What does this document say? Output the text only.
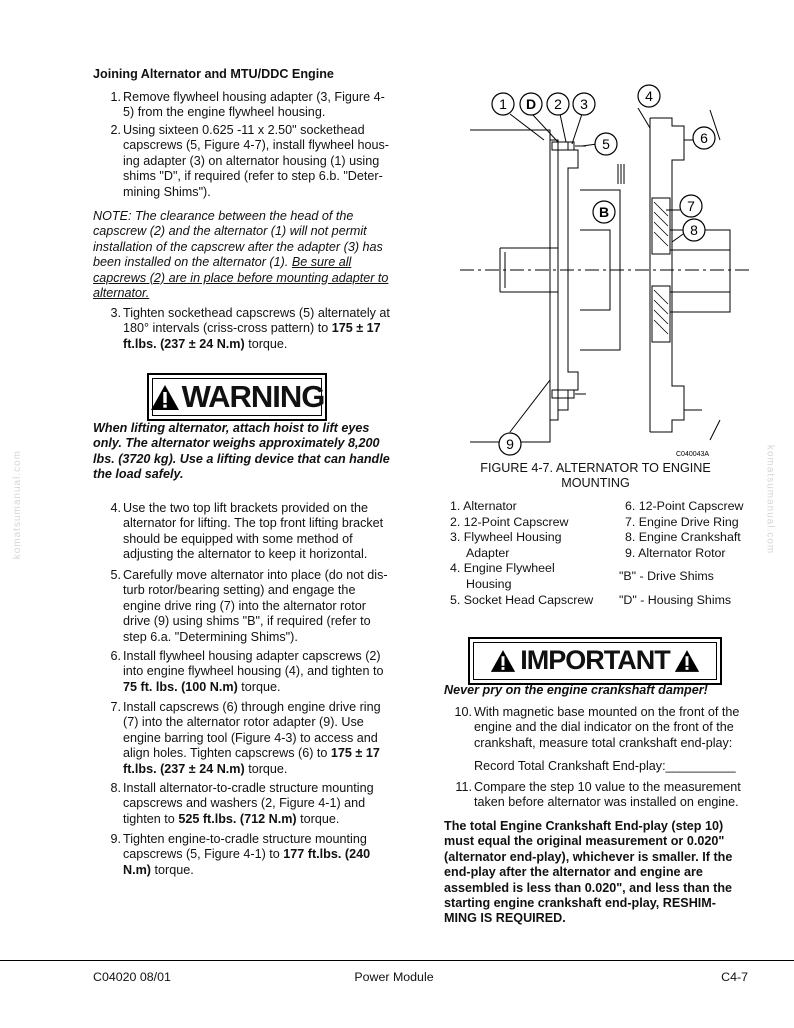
Joining Alternator and MTU/DDC Engine
1. Remove flywheel housing adapter (3, Figure 4-
5) from the engine flywheel housing.
2. Using sixteen 0.625 -11 x 2.50" sockethead
capscrews (5, Figure 4-7), install flywheel hous-
ing adapter (3) on alternator housing (1) using
shims "D", if required (refer to step 6.b. "Deter-
mining Shims").
NOTE: The clearance between the head of the
capscrew (2) and the alternator (1) will not permit
installation of the capscrew after the adapter (3) has
been installed on the alternator (1). Be sure all
capcrews (2) are in place before mounting adapter to
alternator.
3. Tighten sockethead capscrews (5) alternately at
180° intervals (criss-cross pattern) to 175 ± 17
ft.lbs. (237 ± 24 N.m) torque.
WARNING
When lifting alternator, attach hoist to lift eyes
only. The alternator weighs approximately 8,200
lbs. (3720 kg). Use a lifting device that can handle
the load safely.
4. Use the two top lift brackets provided on the
alternator for lifting. The top front lifting bracket
should be equipped with some method of
adjusting the alternator to keep it horizontal.
5. Carefully move alternator into place (do not dis-
turb rotor/bearing setting) and engage the
engine drive ring (7) into the alternator rotor
drive (9) using shims "B", if required (refer to
step 6.a. "Determining Shims").
6. Install flywheel housing adapter capscrews (2)
into engine flywheel housing (4), and tighten to
75 ft. lbs. (100 N.m) torque.
7. Install capscrews (6) through engine drive ring
(7) into the alternator rotor adapter (9). Use
engine barring tool (Figure 4-3) to access and
align holes. Tighten capscrews (6) to 175 ± 17
ft.lbs. (237 ± 24 N.m) torque.
8. Install alternator-to-cradle structure mounting
capscrews and washers (2, Figure 4-1) and
tighten to 525 ft.lbs. (712 N.m) torque.
9. Tighten engine-to-cradle structure mounting
capscrews (5, Figure 4-1) to 177 ft.lbs. (240
N.m) torque.
1 D 2 3	4
5	6
B	7
8
9
C040043A
FIGURE 4-7. ALTERNATOR TO ENGINE
MOUNTING
1. Alternator
2. 12-Point Capscrew
3. Flywheel Housing
Adapter
4. Engine Flywheel
Housing
5. Socket Head Capscrew
6. 12-Point Capscrew
7. Engine Drive Ring
8. Engine Crankshaft
9. Alternator Rotor
"B" - Drive Shims
"D" - Housing Shims
IMPORTANT
Never pry on the engine crankshaft damper!
10. With magnetic base mounted on the front of the
engine and the dial indicator on the front of the
crankshaft, measure total crankshaft end-play:
Record Total Crankshaft End-play:__________
11. Compare the step 10 value to the measurement
taken before alternator was installed on engine.
The total Engine Crankshaft End-play (step 10)
must equal the original measurement or 0.020"
(alternator end-play), whichever is smaller. If the
end-play after the alternator and engine are
assembled is less than 0.020", and less than the
starting engine crankshaft end-play, RESHIM-
MING IS REQUIRED.
C04020 08/01	Power Module	C4-7
komatsumanual.com	komatsumanual.com
